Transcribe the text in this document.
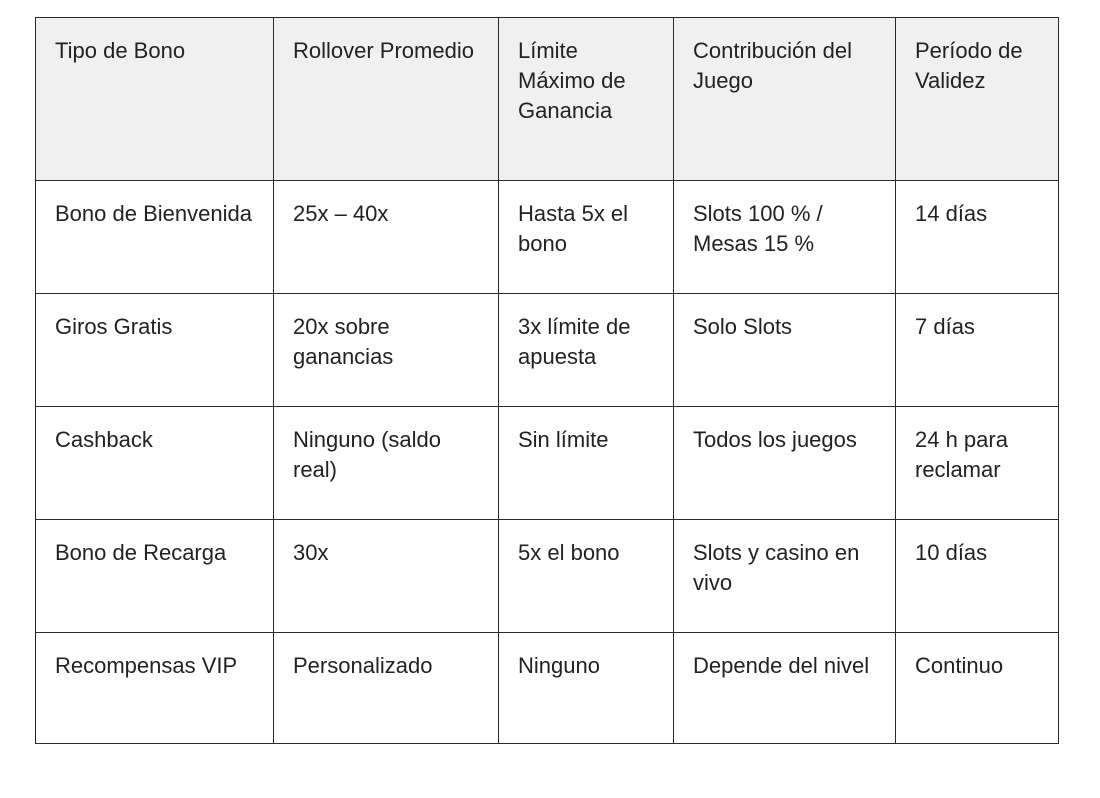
Tipo de Bono	Rollover Promedio	Límite Máximo de Ganancia	Contribución del Juego	Período de Validez
Bono de Bienvenida	25x – 40x	Hasta 5x el bono	Slots 100 % / Mesas 15 %	14 días
Giros Gratis	20x sobre ganancias	3x límite de apuesta	Solo Slots	7 días
Cashback	Ninguno (saldo real)	Sin límite	Todos los juegos	24 h para reclamar
Bono de Recarga	30x	5x el bono	Slots y casino en vivo	10 días
Recompensas VIP	Personalizado	Ninguno	Depende del nivel	Continuo
